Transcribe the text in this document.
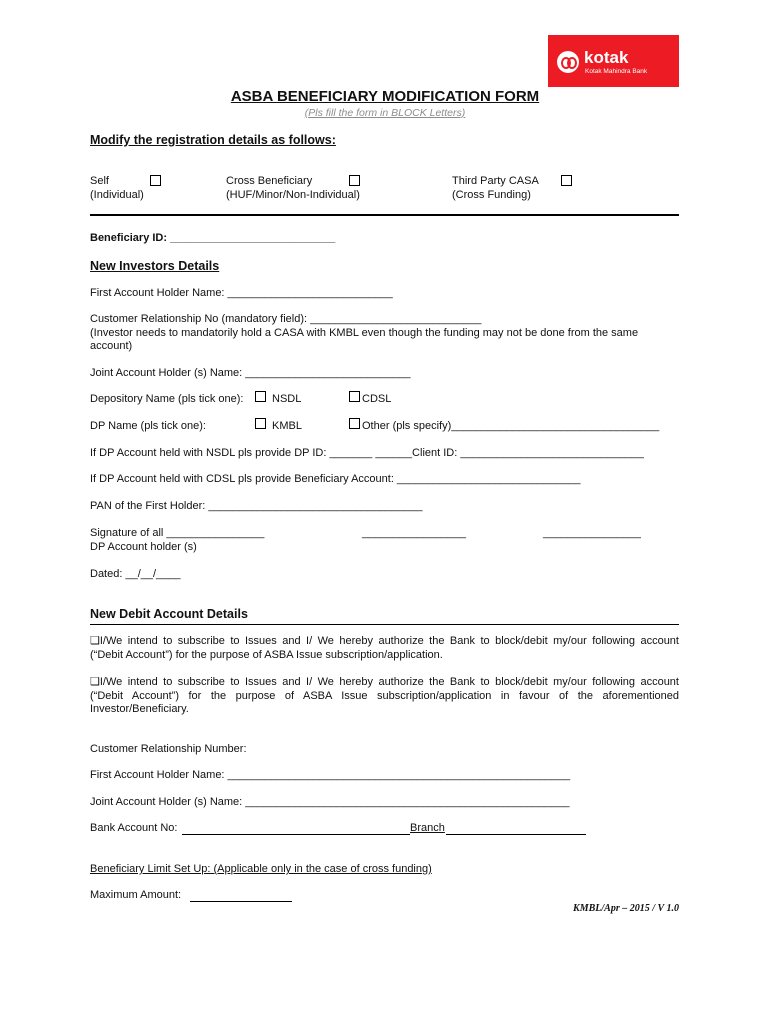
kotak
Kotak Mahindra Bank
ASBA BENEFICIARY MODIFICATION FORM
(Pls fill the form in BLOCK Letters)
Modify the registration details as follows:
Self
(Individual)
Cross Beneficiary
(HUF/Minor/Non-Individual)
Third Party CASA
(Cross Funding)
Beneficiary ID: ___________________________
New Investors Details
First Account Holder Name: ___________________________
Customer Relationship No (mandatory field): ____________________________
(Investor needs to mandatorily hold a CASA with KMBL even though the funding may not be done from the same
account)
Joint Account Holder (s) Name: ___________________________
Depository Name (pls tick one):	NSDL	CDSL
DP Name (pls tick one):	KMBL	Other (pls specify)__________________________________
If DP Account held with NSDL pls provide DP ID: _______ ______Client ID: ______________________________
If DP Account held with CDSL pls provide Beneficiary Account: ______________________________
PAN of the First Holder: ___________________________________
Signature of all ________________
DP Account holder (s)
_________________	________________
Dated: __/__/____
New Debit Account Details
❑I/We intend to subscribe to Issues and I/ We hereby authorize the Bank to block/debit my/our following account
(“Debit Account”) for the purpose of ASBA Issue subscription/application.
❑I/We intend to subscribe to Issues and I/ We hereby authorize the Bank to block/debit my/our following account
(“Debit Account”) for the purpose of ASBA Issue subscription/application in favour of the aforementioned
Investor/Beneficiary.
Customer Relationship Number:
First Account Holder Name: ________________________________________________________
Joint Account Holder (s) Name: _____________________________________________________
Bank Account No:	Branch
Beneficiary Limit Set Up: (Applicable only in the case of cross funding)
Maximum Amount:
KMBL/Apr – 2015 / V 1.0
